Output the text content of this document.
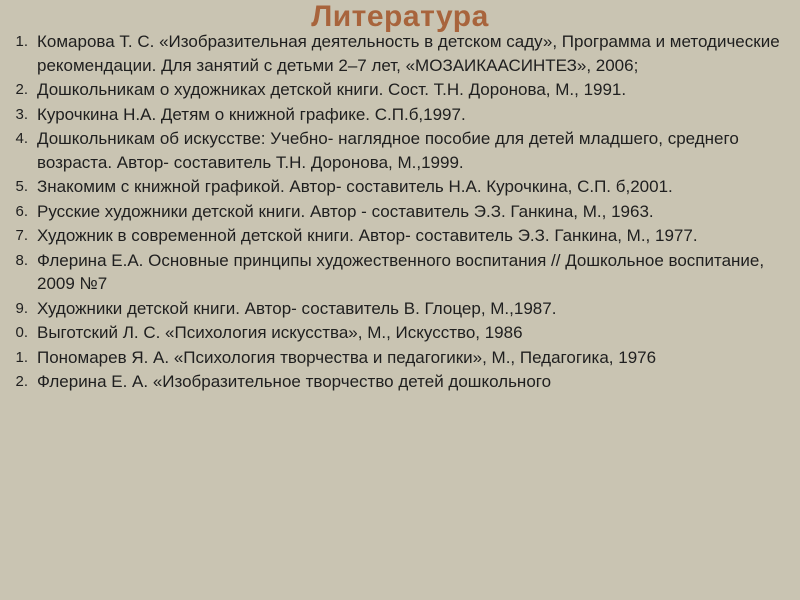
Литература
1. Комарова Т. С. «Изобразительная деятельность в детском саду», Программа и методические рекомендации. Для занятий с детьми 2–7 лет, «МОЗАИКААСИНТЕЗ», 2006;
2. Дошкольникам о художниках детской книги. Сост. Т.Н. Доронова, М., 1991.
3. Курочкина Н.А. Детям о книжной графике. С.П.б,1997.
4. Дошкольникам об искусстве: Учебно- наглядное пособие для детей младшего, среднего возраста. Автор- составитель Т.Н. Доронова, М.,1999.
5. Знакомим с книжной графикой. Автор- составитель Н.А. Курочкина, С.П. б,2001.
6. Русские художники детской книги. Автор - составитель Э.З. Ганкина, М., 1963.
7. Художник в современной детской книги. Автор- составитель Э.З. Ганкина, М., 1977.
8. Флерина Е.А. Основные принципы художественного воспитания // Дошкольное воспитание, 2009 №7
9. Художники детской книги. Автор- составитель В. Глоцер, М.,1987.
0. Выготский Л. С. «Психология искусства», М., Искусство, 1986
1. Пономарев Я. А. «Психология творчества и педагогики», М., Педагогика, 1976
2. Флерина Е. А. «Изобразительное творчество детей дошкольного
